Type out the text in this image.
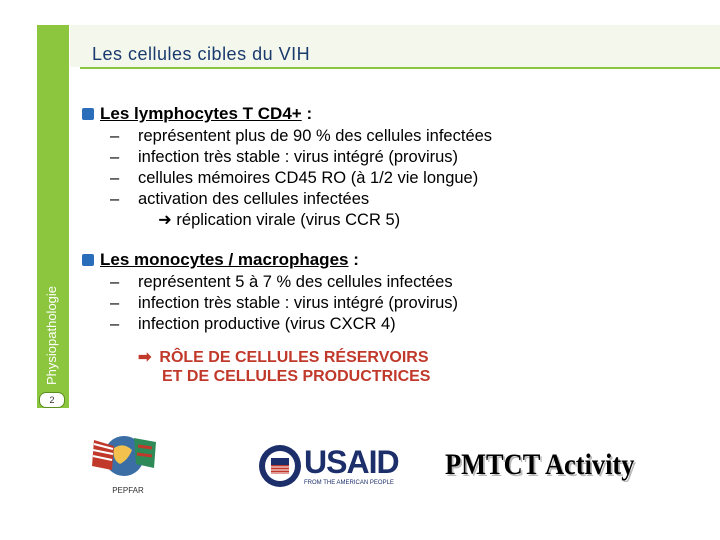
Physiopathologie
2
Les cellules cibles du VIH
Les lymphocytes T CD4+ :
– représentent plus de 90 % des cellules infectées
– infection très stable : virus intégré (provirus)
– cellules mémoires CD45 RO (à 1/2 vie longue)
– activation des cellules infectées
➜ réplication virale (virus CCR 5)
Les monocytes / macrophages :
– représentent 5 à 7 % des cellules infectées
– infection très stable : virus intégré (provirus)
– infection productive (virus CXCR 4)
➡ RÔLE DE CELLULES RÉSERVOIRS
ET DE CELLULES PRODUCTRICES
PEPFAR
USAID
FROM THE AMERICAN PEOPLE
PMTCT Activity
